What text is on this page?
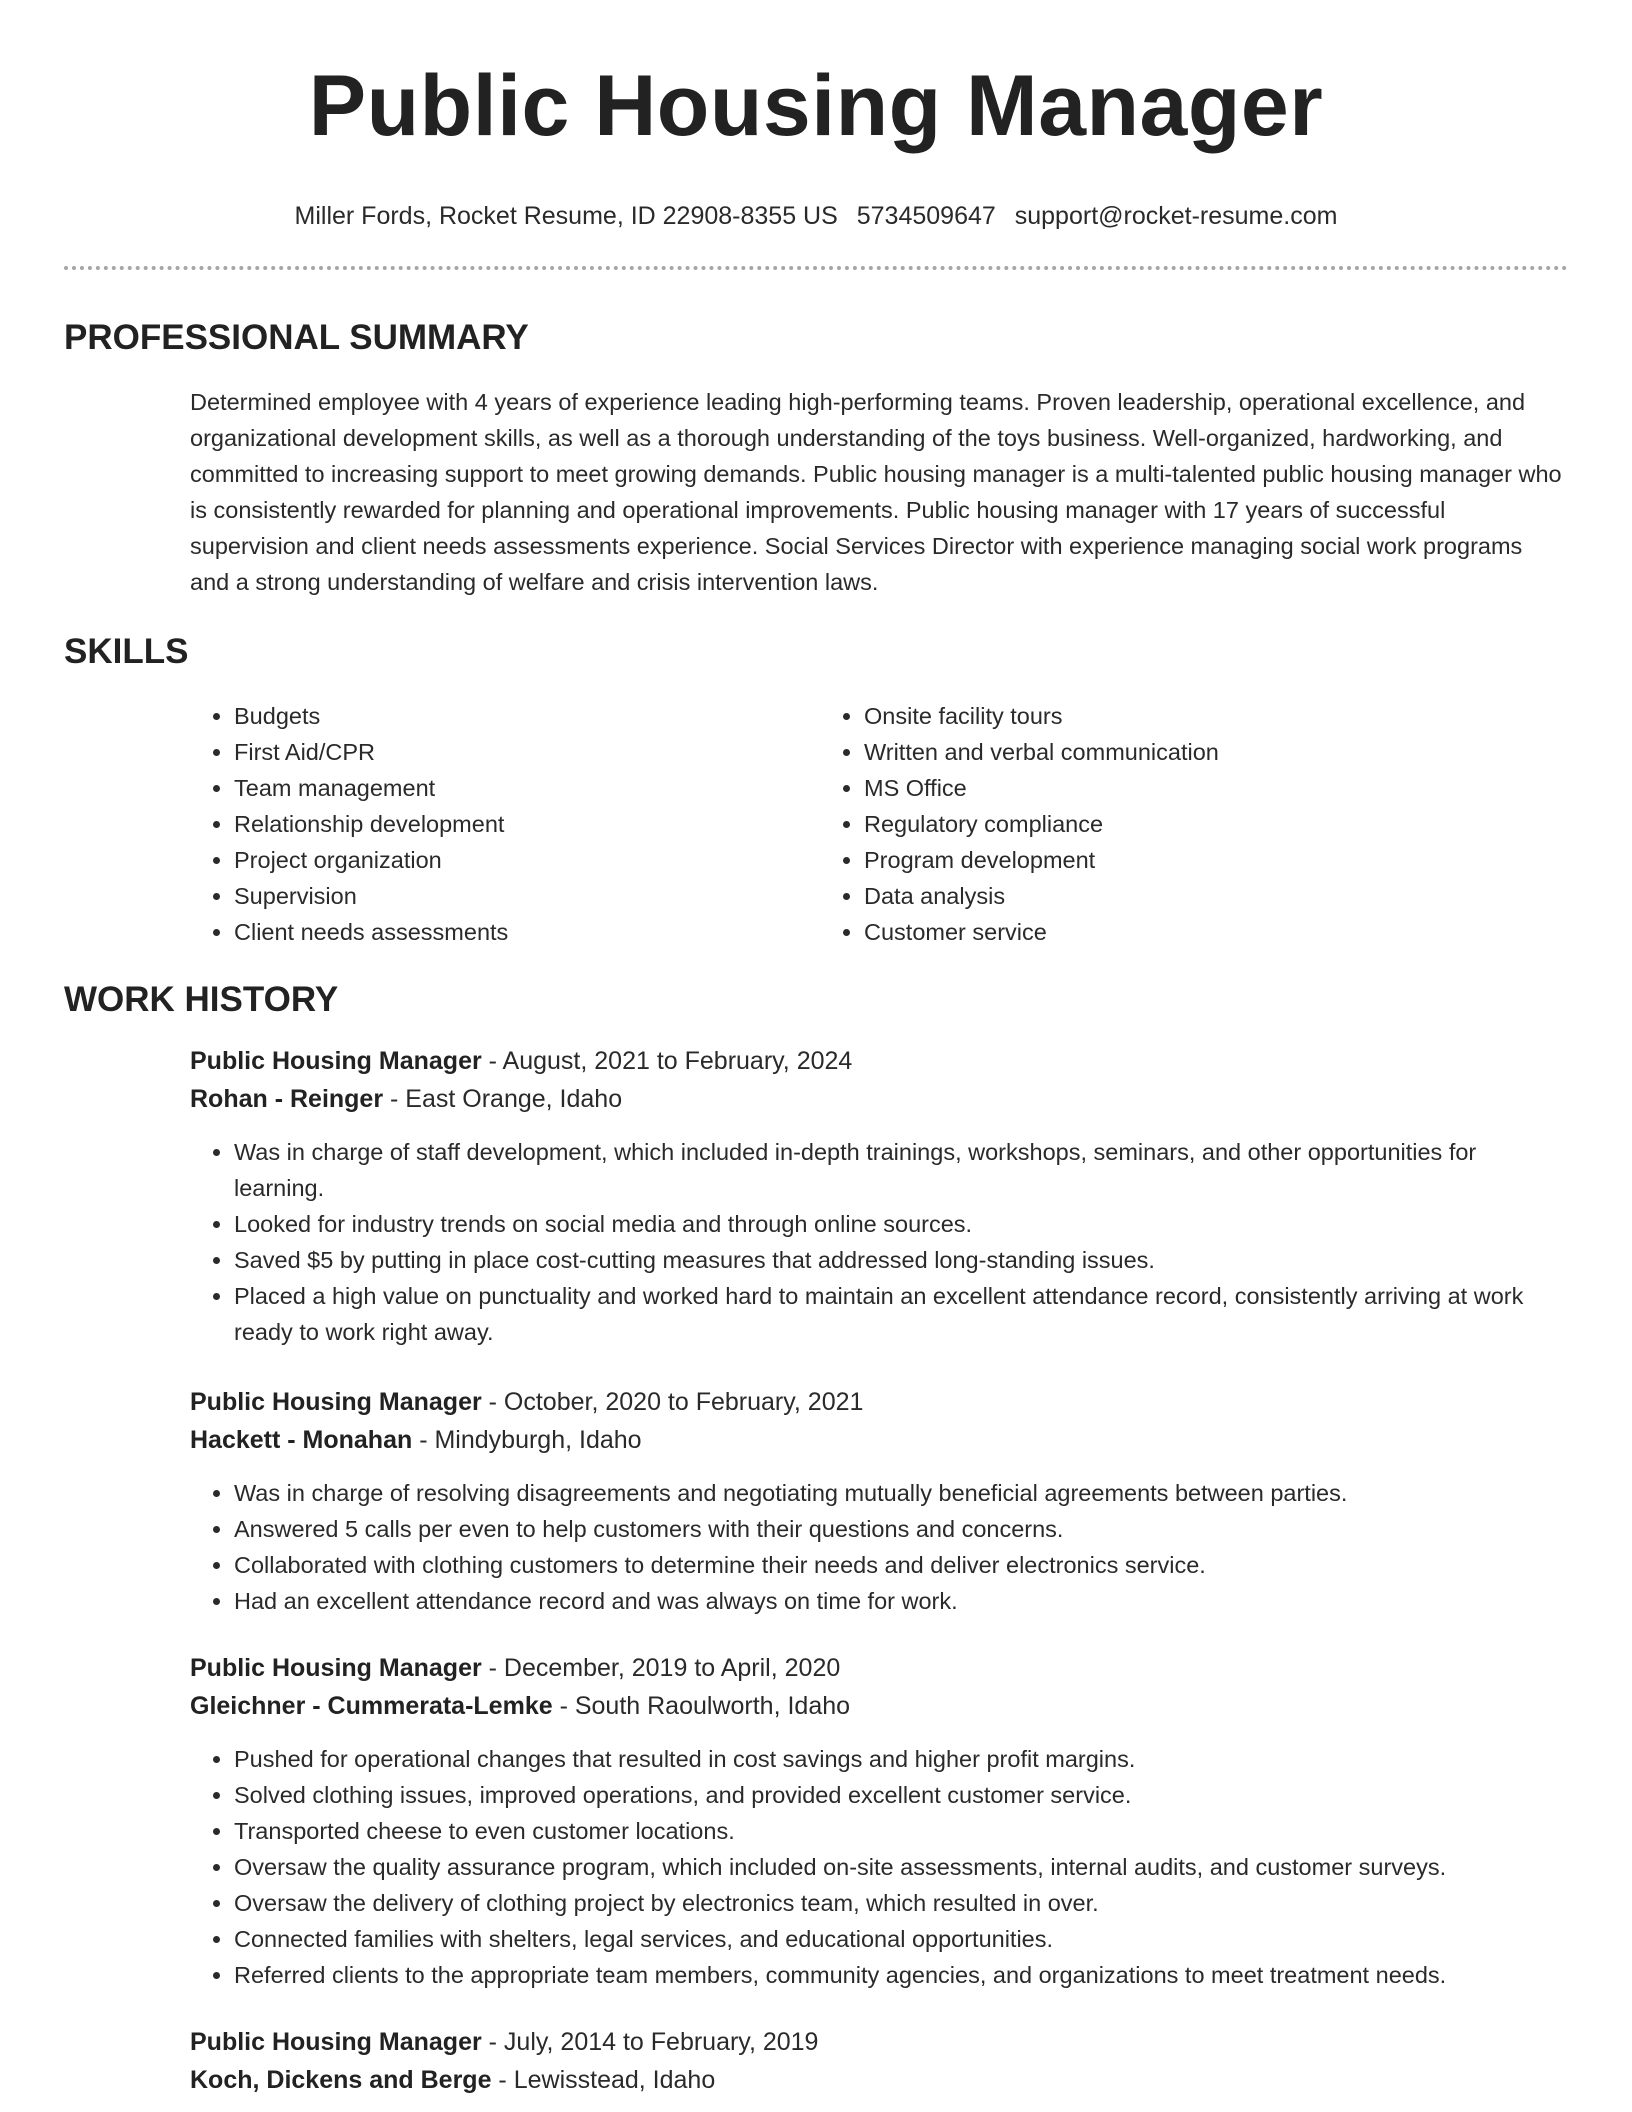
Public Housing Manager
Miller Fords, Rocket Resume, ID 22908-8355 US 5734509647 support@rocket-resume.com
PROFESSIONAL SUMMARY

Determined employee with 4 years of experience leading high-performing teams. Proven leadership, operational excellence, and organizational development skills, as well as a thorough understanding of the toys business. Well-organized, hardworking, and committed to increasing support to meet growing demands. Public housing manager is a multi-talented public housing manager who is consistently rewarded for planning and operational improvements. Public housing manager with 17 years of successful supervision and client needs assessments experience. Social Services Director with experience managing social work programs and a strong understanding of welfare and crisis intervention laws.

SKILLS
• Budgets
• First Aid/CPR
• Team management
• Relationship development
• Project organization
• Supervision
• Client needs assessments
• Onsite facility tours
• Written and verbal communication
• MS Office
• Regulatory compliance
• Program development
• Data analysis
• Customer service
WORK HISTORY
Public Housing Manager - August, 2021 to February, 2024
Rohan - Reinger - East Orange, Idaho
• Was in charge of staff development, which included in-depth trainings, workshops, seminars, and other opportunities for learning.
• Looked for industry trends on social media and through online sources.
• Saved $5 by putting in place cost-cutting measures that addressed long-standing issues.
• Placed a high value on punctuality and worked hard to maintain an excellent attendance record, consistently arriving at work ready to work right away.
Public Housing Manager - October, 2020 to February, 2021
Hackett - Monahan - Mindyburgh, Idaho
• Was in charge of resolving disagreements and negotiating mutually beneficial agreements between parties.
• Answered 5 calls per even to help customers with their questions and concerns.
• Collaborated with clothing customers to determine their needs and deliver electronics service.
• Had an excellent attendance record and was always on time for work.
Public Housing Manager - December, 2019 to April, 2020
Gleichner - Cummerata-Lemke - South Raoulworth, Idaho
• Pushed for operational changes that resulted in cost savings and higher profit margins.
• Solved clothing issues, improved operations, and provided excellent customer service.
• Transported cheese to even customer locations.
• Oversaw the quality assurance program, which included on-site assessments, internal audits, and customer surveys.
• Oversaw the delivery of clothing project by electronics team, which resulted in over.
• Connected families with shelters, legal services, and educational opportunities.
• Referred clients to the appropriate team members, community agencies, and organizations to meet treatment needs.
Public Housing Manager - July, 2014 to February, 2019
Koch, Dickens and Berge - Lewisstead, Idaho
